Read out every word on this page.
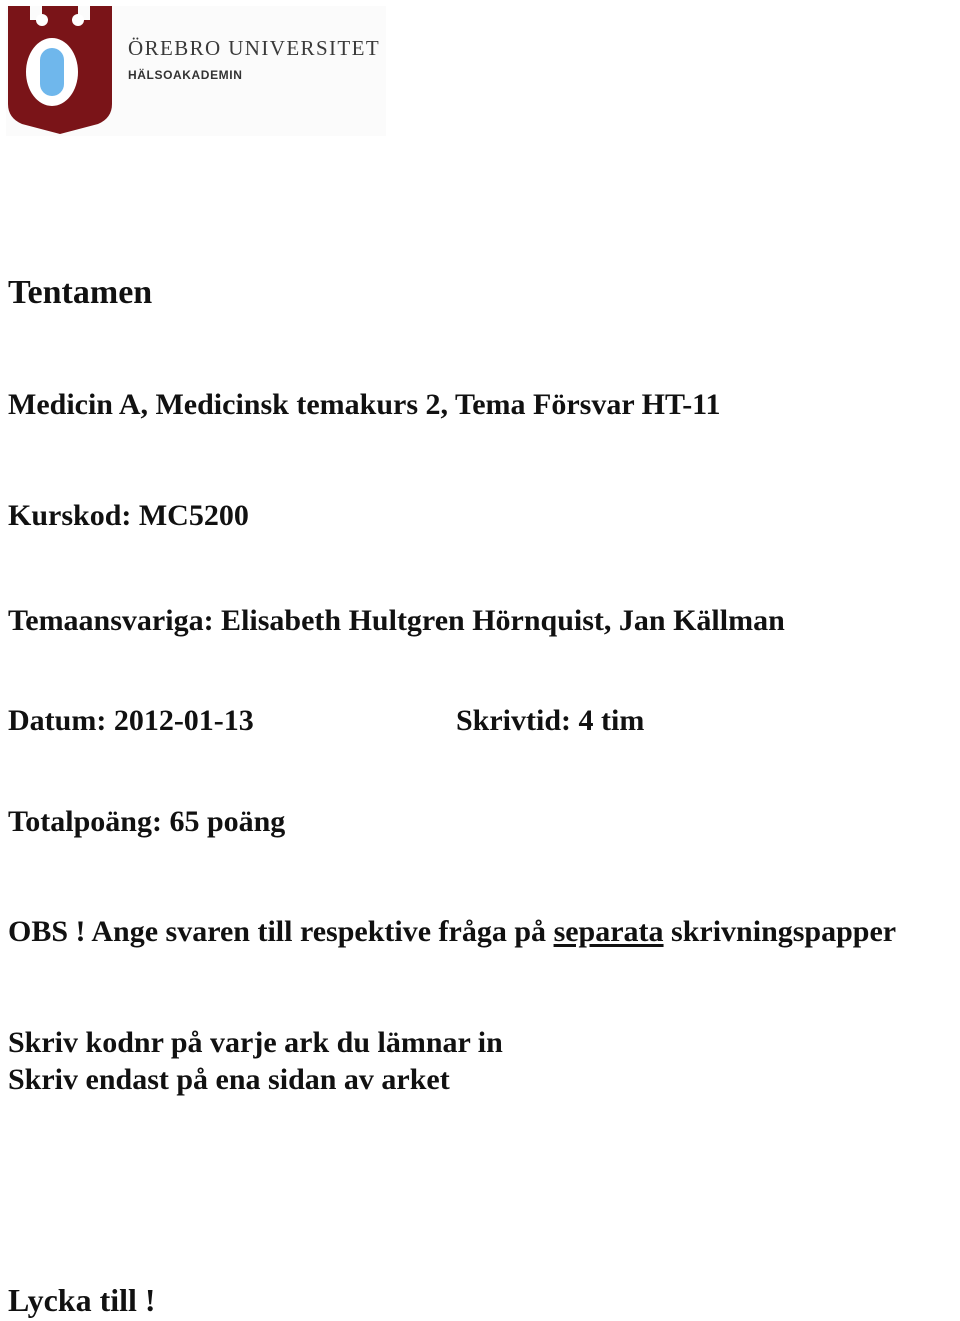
ÖREBRO UNIVERSITET
HÄLSOAKADEMIN
Tentamen
Medicin A, Medicinsk temakurs 2, Tema Försvar HT-11
Kurskod: MC5200
Temaansvariga: Elisabeth Hultgren Hörnquist, Jan Källman
Datum: 2012-01-13	Skrivtid: 4 tim
Totalpoäng: 65 poäng
OBS ! Ange svaren till respektive fråga på separata skrivningspapper
Skriv kodnr på varje ark du lämnar in
Skriv endast på ena sidan av arket
Lycka till !
